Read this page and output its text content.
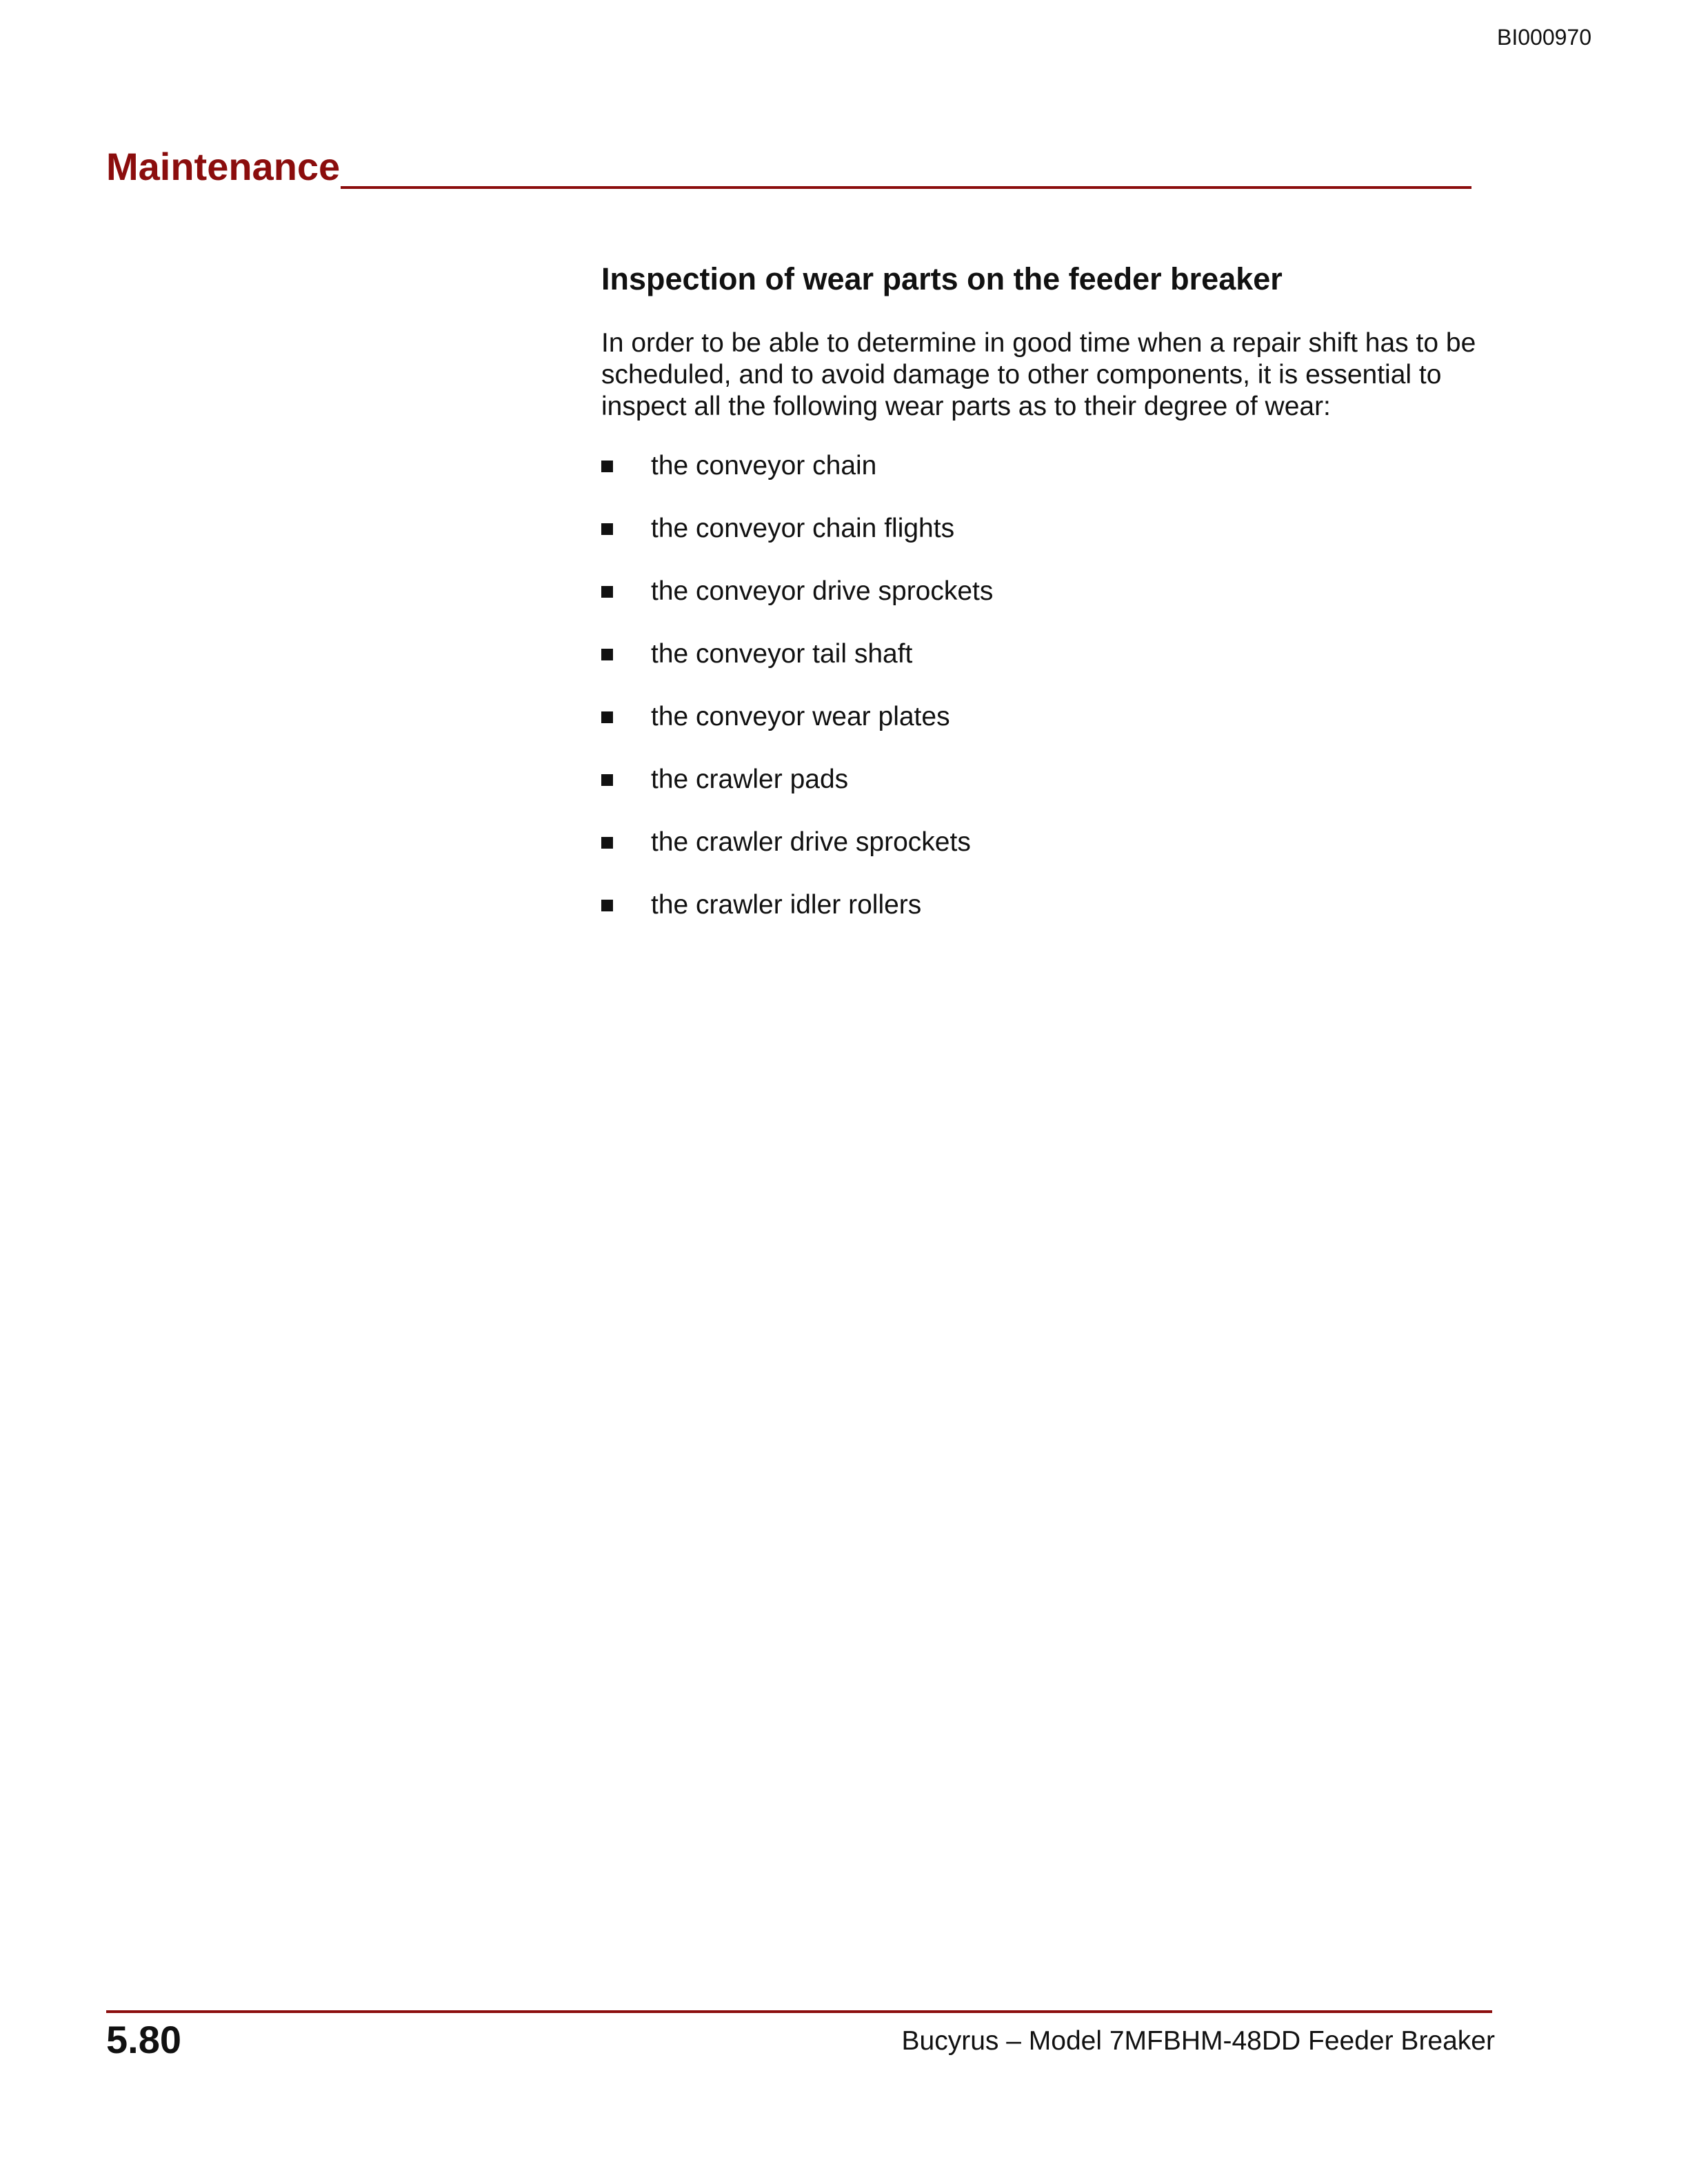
BI000970
Maintenance
Inspection of wear parts on the feeder breaker

In order to be able to determine in good time when a repair shift has to be scheduled, and to avoid damage to other components, it is essential to inspect all the following wear parts as to their degree of wear:

the conveyor chain
the conveyor chain flights
the conveyor drive sprockets
the conveyor tail shaft
the conveyor wear plates
the crawler pads
the crawler drive sprockets
the crawler idler rollers
5.80	Bucyrus – Model 7MFBHM-48DD Feeder Breaker
